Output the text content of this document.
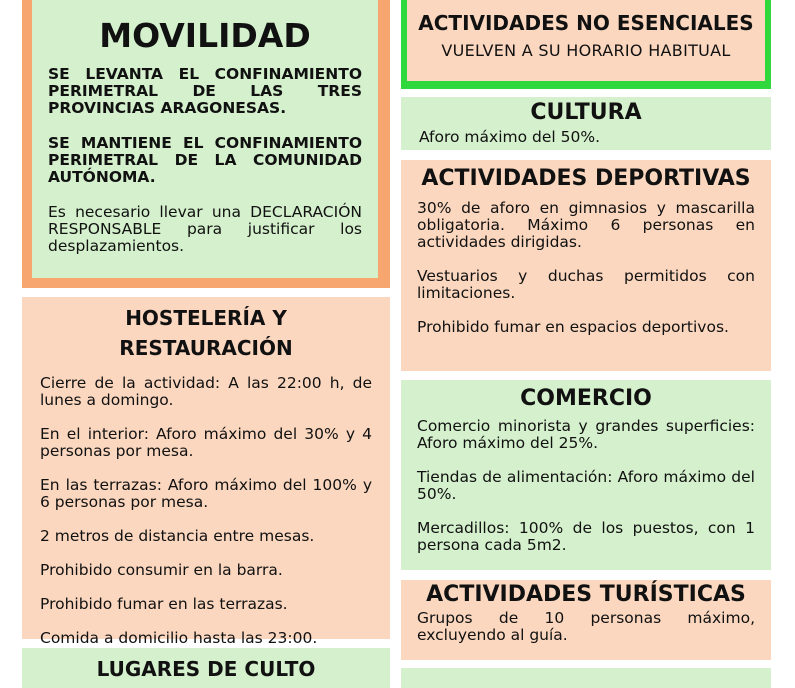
MOVILIDAD

SE LEVANTA EL CONFINAMIENTO PERIMETRAL DE LAS TRES PROVINCIAS ARAGONESAS.

SE MANTIENE EL CONFINAMIENTO PERIMETRAL DE LA COMUNIDAD AUTÓNOMA.

Es necesario llevar una DECLARACIÓN RESPONSABLE para justificar los desplazamientos.

HOSTELERÍA Y RESTAURACIÓN

Cierre de la actividad: A las 22:00 h, de lunes a domingo.

En el interior: Aforo máximo del 30% y 4 personas por mesa.

En las terrazas: Aforo máximo del 100% y 6 personas por mesa.

2 metros de distancia entre mesas.

Prohibido consumir en la barra.

Prohibido fumar en las terrazas.

Comida a domicilio hasta las 23:00.

LUGARES DE CULTO
ACTIVIDADES NO ESENCIALES

VUELVEN A SU HORARIO HABITUAL

CULTURA

Aforo máximo del 50%.

ACTIVIDADES DEPORTIVAS

30% de aforo en gimnasios y mascarilla obligatoria. Máximo 6 personas en actividades dirigidas.

Vestuarios y duchas permitidos con limitaciones.

Prohibido fumar en espacios deportivos.

COMERCIO

Comercio minorista y grandes superficies: Aforo máximo del 25%.

Tiendas de alimentación: Aforo máximo del 50%.

Mercadillos: 100% de los puestos, con 1 persona cada 5m2.

ACTIVIDADES TURÍSTICAS

Grupos de 10 personas máximo, excluyendo al guía.
